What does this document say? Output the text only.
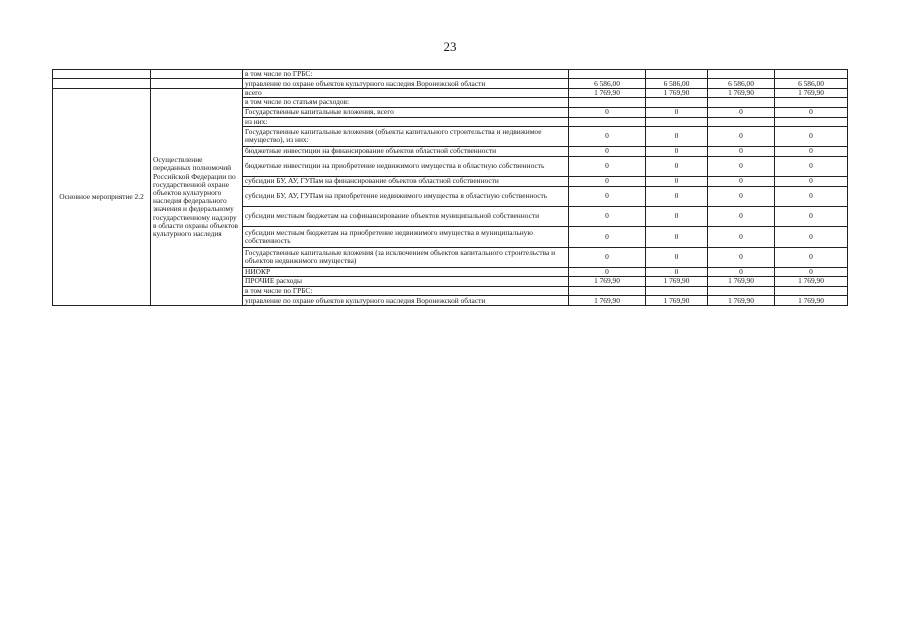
23
		в том числе по ГРБС:				
		управление по охране объектов культурного наследия Воронежской области	6 586,00	6 586,00	6 586,00	6 586,00
Основное мероприятие 2.2	Осуществление переданных полномочий Российской Федерации по государственной охране объектов культурного наследия федерального значения и федеральному государственному надзору в области охраны объектов культурного наследия	всего	1 769,90	1 769,90	1 769,90	1 769,90
		в том числе по статьям расходов:				
		Государственные капитальные вложения, всего	0	0	0	0
		из них:				
		Государственные капитальные вложения (объекты капитального строительства и недвижимое имущество), из них:	0	0	0	0
		бюджетные инвестиции на финансирование объектов областной собственности	0	0	0	0
		бюджетные инвестиции на приобретение недвижимого имущества в областную собственность	0	0	0	0
		субсидии БУ, АУ, ГУПам на финансирование объектов областной собственности	0	0	0	0
		субсидии БУ, АУ, ГУПам на приобретение недвижимого имущества в областную собственность	0	0	0	0
		субсидии местным бюджетам на софинансирование объектов муниципальной собственности	0	0	0	0
		субсидии местным бюджетам на приобретение недвижимого имущества в муниципальную собственность	0	0	0	0
		Государственные капитальные вложения (за исключением объектов капитального строительства и объектов недвижимого имущества)	0	0	0	0
		НИОКР	0	0	0	0
		ПРОЧИЕ расходы	1 769,90	1 769,90	1 769,90	1 769,90
		в том числе по ГРБС:				
		управление по охране объектов культурного наследия Воронежской области	1 769,90	1 769,90	1 769,90	1 769,90
